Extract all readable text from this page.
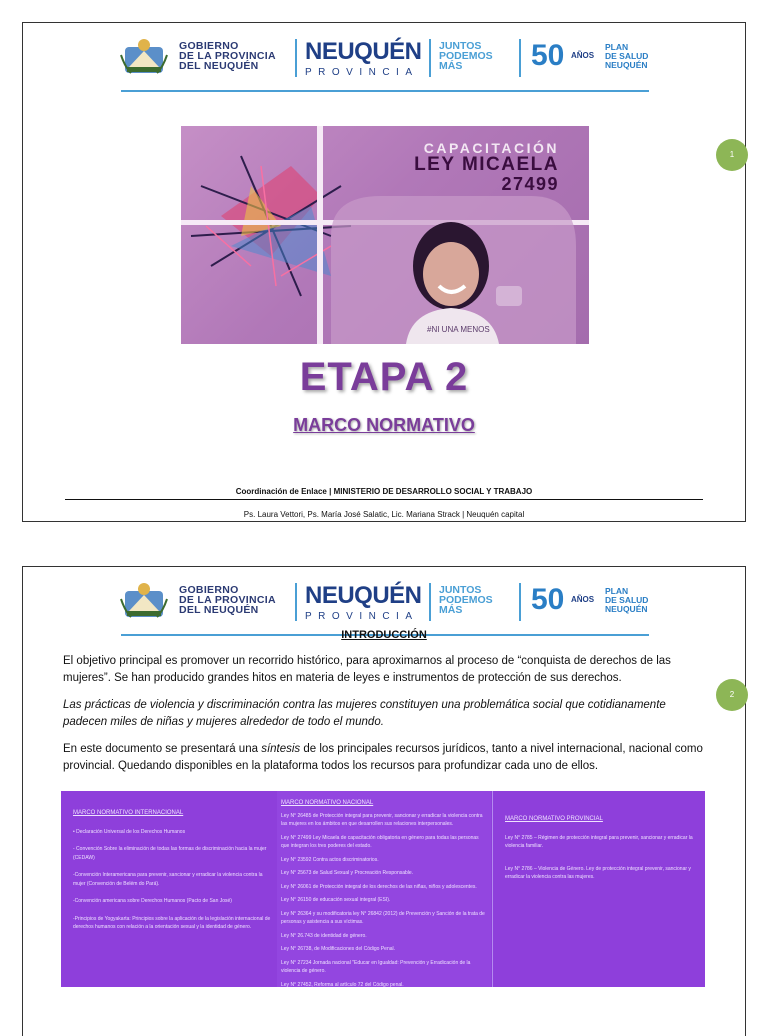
GOBIERNO
DE LA PROVINCIA
DEL NEUQUÉN
NEUQUÉN
PROVINCIA
JUNTOS
PODEMOS
MÁS	50 AÑOS
PLAN
DE SALUD
NEUQUÉN
#NI UNA MENOS
CAPACITACIÓN
LEY MICAELA
27499
ETAPA 2
MARCO NORMATIVO
Coordinación de Enlace | MINISTERIO DE DESARROLLO SOCIAL Y TRABAJO
Ps. Laura Vettori, Ps. María José Salatic, Lic. Mariana Strack | Neuquén capital
1
GOBIERNO
DE LA PROVINCIA
DEL NEUQUÉN
NEUQUÉN
PROVINCIA
JUNTOS
PODEMOS
MÁS	50 AÑOS
PLAN
DE SALUD
NEUQUÉN
INTRODUCCIÓN
El objetivo principal es promover un recorrido histórico, para aproximarnos al proceso de “conquista de derechos de las mujeres”. Se han producido grandes hitos en materia de leyes e instrumentos de protección de sus derechos.
Las prácticas de violencia y discriminación contra las mujeres constituyen una problemática social que cotidianamente padecen miles de niñas y mujeres alrededor de todo el mundo.
En este documento se presentará una síntesis de los principales recursos jurídicos, tanto a nivel internacional, nacional como provincial. Quedando disponibles en la plataforma todos los recursos para profundizar cada uno de ellos.
MARCO NORMATIVO INTERNACIONAL
• Declaración Universal de los Derechos Humanos
- Convención Sobre la eliminación de todas las formas de discriminación hacia la mujer (CEDAW)
-Convención Interamericana para prevenir, sancionar y erradicar la violencia contra la mujer (Convención de Belém do Pará).
-Convención americana sobre Derechos Humanos (Pacto de San José)
-Principios de Yogyakarta: Principios sobre la aplicación de la legislación internacional de derechos humanos con relación a la orientación sexual y la identidad de género.
MARCO NORMATIVO NACIONAL
Ley N° 26485 de Protección integral para prevenir, sancionar y erradicar la violencia contra las mujeres en los ámbitos en que desarrollen sus relaciones interpersonales.
Ley N° 27499 Ley Micaela de capacitación obligatoria en género para todas las personas que integran los tres poderes del estado.
Ley N° 23592 Contra actos discriminatorios.
Ley N° 25673 de Salud Sexual y Procreación Responsable.
Ley N° 26061 de Protección integral de los derechos de las niñas, niños y adolescentes.
Ley N° 26150 de educación sexual integral (ESI).
Ley N° 26364 y su modificatoria ley N° 26842 (2012) de Prevención y Sanción de la trata de personas y asistencia a sus víctimas.
Ley N° 26.743 de identidad de género.
Ley N° 26738, de Modificaciones del Código Penal.
Ley N° 27234 Jornada nacional "Educar en Igualdad: Prevención y Erradicación de la violencia de género.
Ley N° 27452, Reforma al artículo 72 del Código penal.
MARCO NORMATIVO PROVINCIAL
Ley N° 2785 – Régimen de protección integral para prevenir, sancionar y erradicar la violencia familiar.
Ley N° 2786 – Violencia de Género. Ley de protección integral prevenir, sancionar y erradicar la violencia contra las mujeres.
2
